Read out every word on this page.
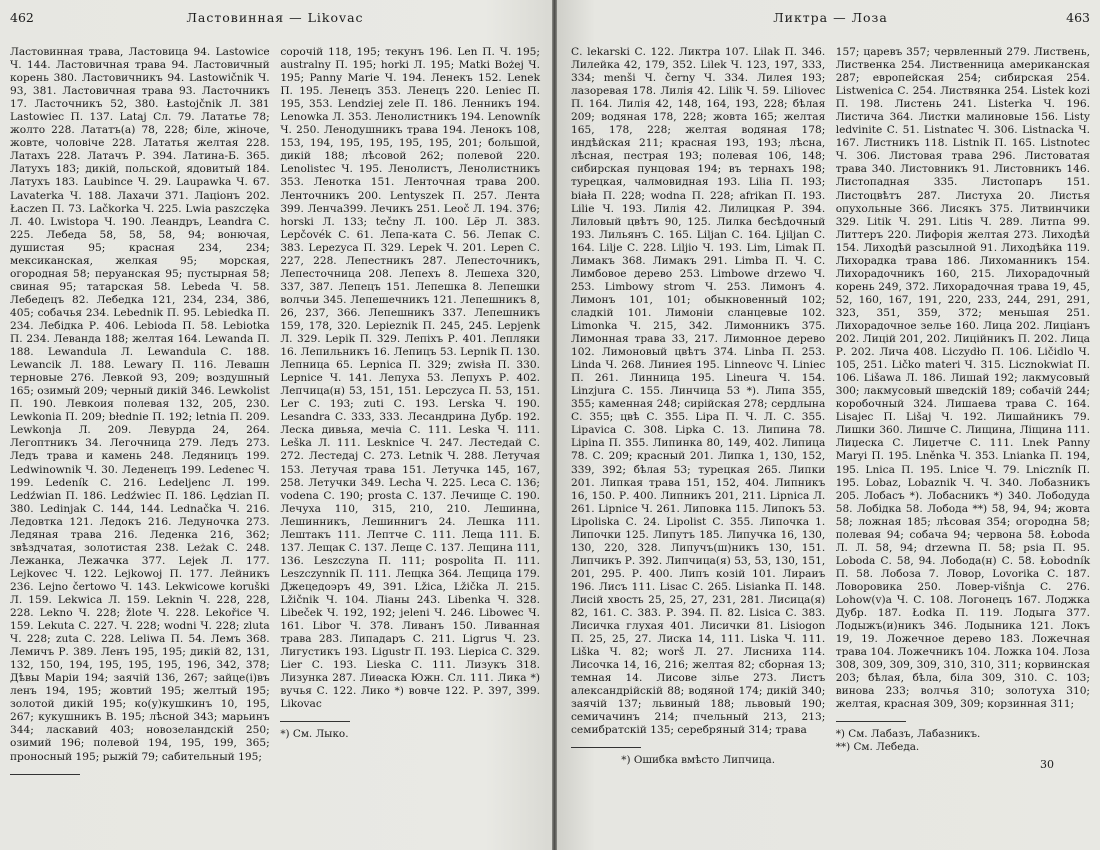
462	Ластовинная — Likovac

Ластовинная трава, Ластовица 94. Lastowice Ч. 144. Ластовичная трава 94. Ластовичный корень 380. Ластовичникъ 94. Lastowičnik Ч. 93, 381. Ластовичная трава 93. Ласточникъ 17. Ласточникъ 52, 380. Łastojčnik Л. 381 Lastowiec П. 137. Lataj Сл. 79. Лататье 78; жолто 228. Лататъ(а) 78, 228; біле, жіноче, жовте, чоловіче 228. Лататья желтая 228. Латахъ 228. Латачъ Р. 394. Латина-Б. 365. Латухъ 183; дикій, польской, ядовитый 184. Латухъ 183. Laubince Ч. 29. Laupawka Ч. 67. Lavaterka Ч. 188. Лахачи 371. Лаціонъ 202. Łaczen П. 73. Lačkorka Ч. 225. Lwia paszczęka Л. 40. Lwistopa Ч. 190. Леандръ, Leandra С. 225. Лебеда 58, 58, 58, 94; вонючая, душистая 95; красная 234, 234; мексиканская, желкая 95; морская, огородная 58; перуанская 95; пустырная 58; свиная 95; татарская 58. Lebeda Ч. 58. Лебедецъ 82. Лебедка 121, 234, 234, 386, 405; собачья 234. Lebednik П. 95. Lebiedka П. 234. Лебідка Р. 406. Lebioda П. 58. Lebiotka П. 234. Леванда 188; желтая 164. Lewanda П. 188. Lewandula Л. Lewandula С. 188. Lewancik Л. 188. Lewary П. 116. Левашн терновые 276. Левкой 93, 209; воздушный 165; озимый 209; черный дикій 346. Lewkolist П. 190. Левкоия полевая 132, 205, 230. Lewkonia П. 209; błednie П. 192; letnia П. 209. Lewkonja Л. 209. Левурда 24, 264. Легоптникъ 34. Легочница 279. Ледъ 273. Ледъ трава и камень 248. Ледяницъ 199. Ledwinownik Ч. 30. Леденецъ 199. Ledenec Ч. 199. Ledeník С. 216. Ledeljenc Л. 199. Ledźwian П. 186. Ledźwiec П. 186. Lędzian П. 380. Ledinjak С. 144, 144. Lednačka Ч. 216. Ледовтка 121. Ледокъ 216. Ледуночка 273. Ледяная трава 216. Леденка 216, 362; звѣздчатая, золотистая 238. Leżak С. 248. Лежанка, Лежачка 377. Lejek Л. 177. Lejkovec Ч. 122. Lejkowoj П. 177. Лейникъ 236. Lejno čertowo Ч. 143. Lekwicowe koruški Л. 159. Lekwica Л. 159. Leknin Ч. 228, 228, 228. Lekno Ч. 228; žlote Ч. 228. Lekořice Ч. 159. Lekuta С. 227. Ч. 228; wodni Ч. 228; zluta Ч. 228; zuta С. 228. Leliwa П. 54. Лемъ 368. Лемичъ Р. 389. Ленъ 195, 195; дикій 82, 131, 132, 150, 194, 195, 195, 195, 196, 342, 378; Дѣвы Маріи 194; заячій 136, 267; зайце(і)въ ленъ 194, 195; жовтий 195; желтый 195; золотой дикій 195; ко(у)кушкинъ 10, 195, 267; кукушникъ В. 195; лѣсной 343; марьинъ 344; ласкавий 403; новозеландскій 250; озимий 196; полевой 194, 195, 199, 365; проносный 195; рыжій 79; сабительный 195;

сорочій 118, 195; текунъ 196. Len П. Ч. 195; australny П. 195; horki Л. 195; Matki Bożej Ч. 195; Panny Marie Ч. 194. Ленекъ 152. Lenek П. 195. Ленецъ 353. Ленецъ 220. Leniec П. 195, 353. Lendziej zele П. 186. Ленникъ 194. Lenowka Л. 353. Ленолистникъ 194. Lenowník Ч. 250. Ленодушникъ трава 194. Ленокъ 108, 153, 194, 195, 195, 195, 195, 201; большой, дикій 188; лѣсовой 262; полевой 220. Lenolistec Ч. 195. Ленолистъ, Ленолистникъ 353. Ленотка 151. Ленточная трава 200. Ленточникъ 200. Lentyszek П. 257. Лента 399. Ленча399. Лечикъ 251. Leoč Л. 194. 376; horski Л. 133; tečny Л. 100. Lёp Л. 383. Lepčovék С. 61. Лепа-ката С. 56. Лепак С. 383. Lepezyca П. 329. Lepek Ч. 201. Lepen С. 227, 228. Лепестникъ 287. Лепесточникъ, Лепесточница 208. Лепехъ 8. Лешеха 320, 337, 387. Лепецъ 151. Лепешка 8. Лепешки волчьи 345. Лепешечникъ 121. Лепешникъ 8, 26, 237, 366. Лепешникъ 337. Лепешникъ 159, 178, 320. Lepieznik П. 245, 245. Lepjenk Л. 329. Lepik П. 329. Лепіхъ Р. 401. Лепляки 16. Лепильникъ 16. Лепицъ 53. Lepnik П. 130. Лепница 65. Lepnica П. 329; zwisła П. 330. Lepnice Ч. 141. Лепуха 53. Лепухъ Р. 402. Лепчица(н) 53, 151, 151. Lepczyca П. 53, 151. Ler С. 193; zuti С. 193. Lerska Ч. 190. Lesandra С. 333, 333. Лесандрина Дубр. 192. Леска дивьяа, мечіа С. 111. Leska Ч. 111. Leška Л. 111. Lesknice Ч. 247. Лестедай С. 272. Лестедаj С. 273. Letnik Ч. 288. Летучая 153. Летучая трава 151. Летучка 145, 167, 258. Летучки 349. Lecha Ч. 225. Leca С. 136; vodena С. 190; prosta С. 137. Лечище С. 190. Лечуха 110, 315, 210, 210. Лешинна, Лешинникъ, Лешиннигъ 24. Лешка 111. Лештакъ 111. Лептче С. 111. Леща 111. Б. 137. Лещак С. 137. Леще С. 137. Лещина 111, 136. Leszczyna П. 111; pospolita П. 111. Leszczynnik П. 111. Лещка 364. Лещица 179. Джецедоэръ 49, 391. Lžica, Lžička Л. 215. Lžičnik Ч. 104. Ліаны 243. Libenka Ч. 328. Libeček Ч. 192, 192; jeleni Ч. 246. Libowec Ч. 161. Libor Ч. 378. Ливанъ 150. Ливанная трава 283. Липадаръ С. 211. Ligrus Ч. 23. Лигустикъ 193. Ligustr П. 193. Liepica С. 329. Lier С. 193. Lieska С. 111. Лизукъ 318. Лизунка 287. Лиѳаска Южн. Сл. 111. Лика *) вучья С. 122. Лико *) вовче 122. Р. 397, 399. Likovac

*) См. Лыко.

Ликтра — Лоза	463

С. lekarski С. 122. Ликтра 107. Lilak П. 346. Лилейка 42, 179, 352. Lilek Ч. 123, 197, 333, 334; menši Ч. černy Ч. 334. Лилея 193; лазоревая 178. Лилія 42. Lilik Ч. 59. Liliovec П. 164. Лилія 42, 148, 164, 193, 228; бѣлая 209; водяная 178, 228; жовта 165; желтая 165, 178, 228; желтая водяная 178; индѣйская 211; красная 193, 193; лѣсна, лѣсная, пестрая 193; полевая 106, 148; сибирская пунцовая 194; въ тернахъ 198; турецкая, чалмовидная 193. Lilia П. 193; biała П. 228; wodna П. 228; afrikan П. 193. Lilie Ч. 193. Лилiя 42. Лилицкая Р. 394. Лиловый цвѣтъ 90, 125. Лилка бесѣдочный 193. Лильянъ С. 165. Liljan С. 164. Ljiljan С. 164. Lilje С. 228. Liljio Ч. 193. Lim, Limak П. Лимакъ 368. Лимакъ 291. Limba П. Ч. С. Лимбовое дерево 253. Limbowe drzewo Ч. 253. Limbowy strom Ч. 253. Лимонъ 4. Лимонъ 101, 101; обыкновенный 102; сладкій 101. Лимоніи сланцевые 102. Limonka Ч. 215, 342. Лимонникъ 375. Лимонная трава 33, 217. Лимонное дерево 102. Лимоновый цвѣтъ 374. Linba П. 253. Linda Ч. 268. Линиея 195. Linneovc Ч. Liniec П. 261. Линница 195. Lineura Ч. 154. Linzjura С. 155. Линчица 53 *). Липа 355, 355; каменная 248; сирійская 278; сердлына С. 355; цвѣ С. 355. Lipa П. Ч. Л. С. 355. Lipavica С. 308. Lipka С. 13. Липина 78. Lipina П. 355. Липинка 80, 149, 402. Липица 78. С. 209; красный 201. Липка 1, 130, 152, 339, 392; бѣлая 53; турецкая 265. Липки 201. Липкая трава 151, 152, 404. Липникъ 16, 150. Р. 400. Липникъ 201, 211. Lipnica Л. 261. Lipnice Ч. 261. Липовка 115. Липокъ 53. Lipoliska С. 24. Lipolist С. 355. Липочка 1. Липочки 125. Липутъ 185. Липучка 16, 130, 130, 220, 328. Липучъ(ш)никъ 130, 151. Липчикъ Р. 392. Липчица(я) 53, 53, 130, 151, 201, 295. Р. 400. Липъ козій 101. Лираиъ 196. Лисъ 111. Lisac С. 265. Lisianka П. 148. Лисій хвость 25, 25, 27, 231, 281. Лисица(я) 82, 161. С. 383. Р. 394. П. 82. Lisica С. 383. Лисичка глухая 401. Лисички 81. Lisiogon П. 25, 25, 27. Лиска 14, 111. Liska Ч. 111. Liška Ч. 82; worš Л. 27. Лисниха 114. Лисочка 14, 16, 216; желтая 82; сборная 13; темная 14. Лисове зілье 273. Листъ александрійскій 88; водяной 174; дикій 340; заячій 137; львиный 188; львовый 190; семичачинъ 214; пчельный 213, 213; семибратскій 135; серебряный 314; трава

*) Ошибка вмѣсто Липчица.

157; царевъ 357; червленный 279. Листвень, Лиственка 254. Лиственница американская 287; европейская 254; сибирская 254. Listwenica С. 254. Листвянка 254. Listek kozi П. 198. Листень 241. Listerka Ч. 196. Листича 364. Листки малиновые 156. Listy ledvinite С. 51. Listnatec Ч. 306. Listnacka Ч. 167. Листникъ 118. Listnik П. 165. Listnotec Ч. 306. Листовая трава 296. Листоватая трава 340. Листовникъ 91. Листовникъ 146. Листопадная 335. Листопаръ 151. Листоцвѣтъ 287. Листуха 20. Листья опухольные 366. Лисякъ 375. Литвинчики 329. Litik Ч. 291. Litis Ч. 289. Литпа 99. Литтеръ 220. Лифорія желтая 273. Лиходѣй 154. Лиходѣй разсылной 91. Лиходѣйка 119. Лихорадка трава 186. Лихоманникъ 154. Лихорадочникъ 160, 215. Лихорадочный корень 249, 372. Лихорадочная трава 19, 45, 52, 160, 167, 191, 220, 233, 244, 291, 291, 323, 351, 359, 372; меньшая 251. Лихорадочное зелье 160. Лица 202. Лиціанъ 202. Лицій 201, 202. Лиційникъ П. 202. Лица Р. 202. Лича 408. Liczydło П. 106. Ličidlo Ч. 105, 251. Ličko materi Ч. 315. Licznokwiat П. 106. Lišawa Л. 186. Лишай 192; лакмусовый 300; лакмусовый шведскій 189; собачій 244; коробочный 324. Лишаева трава С. 164. Lisajec П. Lišaj Ч. 192. Лишайникъ 79. Лишки 360. Лишче С. Лищина, Ліщина 111. Лиџеска С. Лиџетче С. 111. Lnek Panny Maryi П. 195. Lněnka Ч. 353. Lnianka П. 194, 195. Lnica П. 195. Lnice Ч. 79. Lniczník П. 195. Lobaz, Lobaznik Ч. Ч. 340. Лобазникъ 205. Лобасъ *). Лобасникъ *) 340. Лободуда 58. Лобідка 58. Лобода **) 58, 94, 94; жовта 58; ложная 185; лѣсовая 354; огородна 58; полевая 94; собача 94; червона 58. Łoboda Л. Л. 58, 94; drzewna П. 58; psia П. 95. Loboda С. 58, 94. Лобода(н) С. 58. Łobodník П. 58. Лобоза 7. Ловор, Lovorika С. 187. Ловоровика 250. Ловер-višnja С. 276. Lohow(v)a Ч. С. 108. Логонецъ 167. Лоджка Дубр. 187. Łodka П. 119. Лодыга 377. Лодыжъ(и)никъ 346. Лодыника 121. Локъ 19, 19. Ложечное дерево 183. Ложечная трава 104. Ложечникъ 104. Ложка 104. Лоза 308, 309, 309, 309, 310, 310, 311; корвинская 203; бѣлая, бѣла, біла 309, 310. С. 103; винова 233; волчья 310; золотуха 310; желтая, красная 309, 309; корзинная 311;

*) См. Лабазъ, Лабазникъ.

**) См. Лебеда.

30
